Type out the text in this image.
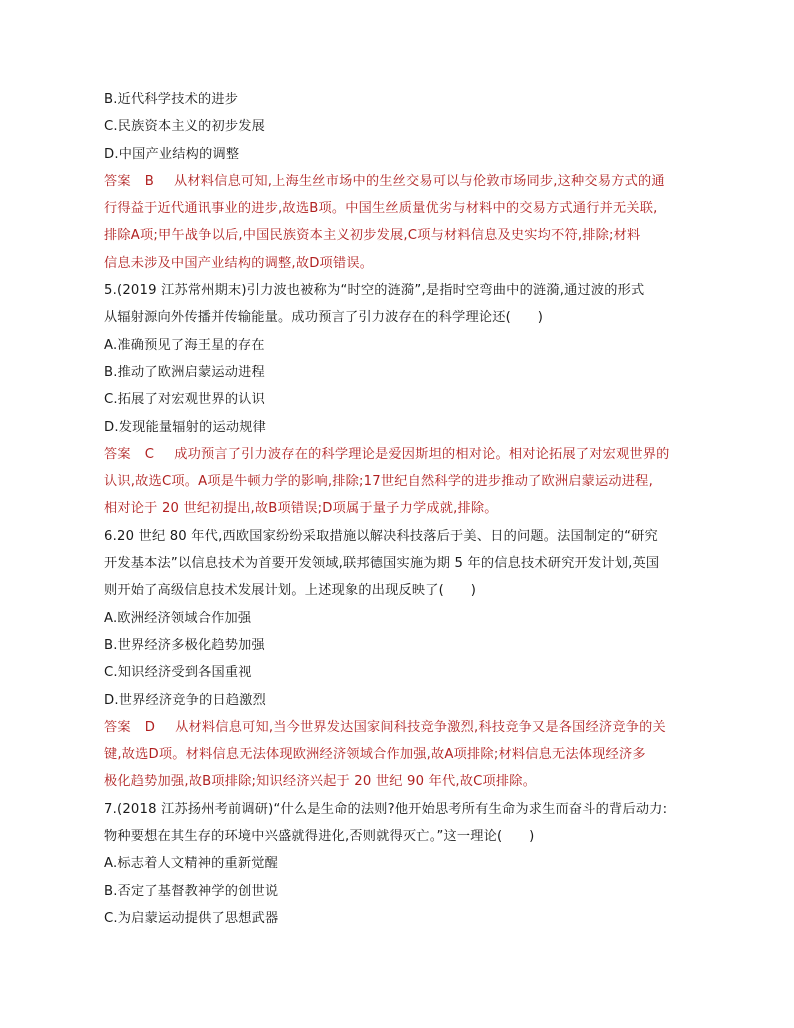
B.近代科学技术的进步
C.民族资本主义的初步发展
D.中国产业结构的调整
答案 B 从材料信息可知,上海生丝市场中的生丝交易可以与伦敦市场同步,这种交易方式的通
行得益于近代通讯事业的进步,故选B项。中国生丝质量优劣与材料中的交易方式通行并无关联,
排除A项;甲午战争以后,中国民族资本主义初步发展,C项与材料信息及史实均不符,排除;材料
信息未涉及中国产业结构的调整,故D项错误。
5.(2019 江苏常州期末)引力波也被称为“时空的涟漪”,是指时空弯曲中的涟漪,通过波的形式
从辐射源向外传播并传输能量。成功预言了引力波存在的科学理论还(　　)
A.准确预见了海王星的存在
B.推动了欧洲启蒙运动进程
C.拓展了对宏观世界的认识
D.发现能量辐射的运动规律
答案 C 成功预言了引力波存在的科学理论是爱因斯坦的相对论。相对论拓展了对宏观世界的
认识,故选C项。A项是牛顿力学的影响,排除;17世纪自然科学的进步推动了欧洲启蒙运动进程,
相对论于 20 世纪初提出,故B项错误;D项属于量子力学成就,排除。
6.20 世纪 80 年代,西欧国家纷纷采取措施以解决科技落后于美、日的问题。法国制定的“研究
开发基本法”以信息技术为首要开发领域,联邦德国实施为期 5 年的信息技术研究开发计划,英国
则开始了高级信息技术发展计划。上述现象的出现反映了(　　)
A.欧洲经济领域合作加强
B.世界经济多极化趋势加强
C.知识经济受到各国重视
D.世界经济竞争的日趋激烈
答案 D 从材料信息可知,当今世界发达国家间科技竞争激烈,科技竞争又是各国经济竞争的关
键,故选D项。材料信息无法体现欧洲经济领域合作加强,故A项排除;材料信息无法体现经济多
极化趋势加强,故B项排除;知识经济兴起于 20 世纪 90 年代,故C项排除。
7.(2018 江苏扬州考前调研)“什么是生命的法则?他开始思考所有生命为求生而奋斗的背后动力:
物种要想在其生存的环境中兴盛就得进化,否则就得灭亡。”这一理论(　　)
A.标志着人文精神的重新觉醒
B.否定了基督教神学的创世说
C.为启蒙运动提供了思想武器
